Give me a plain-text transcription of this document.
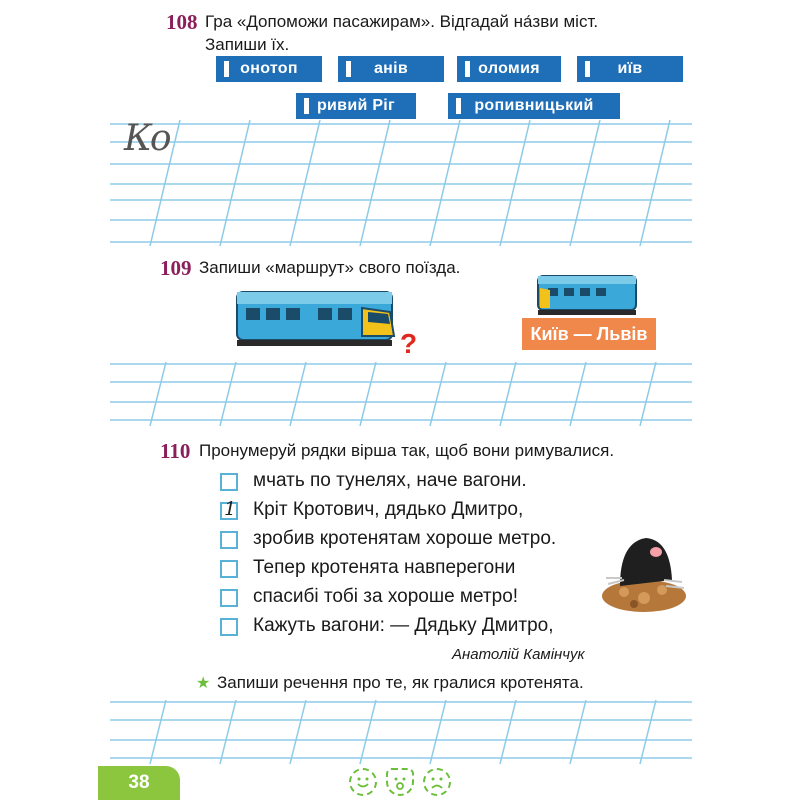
108 Гра «Допоможи пасажирам». Відгадай на́зви міст.
Запиши їх.
онотоп	анів	оломия	иїв
ривий Ріг	ропивницький
Ко
109 Запиши «маршрут» свого поїзда.
?	Київ — Львів
110 Пронумеруй рядки вірша так, щоб вони римувалися.
мчать по тунелях, наче вагони.
1 Кріт Кротович, дядько Дмитро,
зробив кротенятам хороше метро.
Тепер кротенята навперегони
спасибі тобі за хороше метро!
Кажуть вагони: — Дядьку Дмитро,
Анатолій Камінчук
★ Запиши речення про те, як гралися кротенята.
38
